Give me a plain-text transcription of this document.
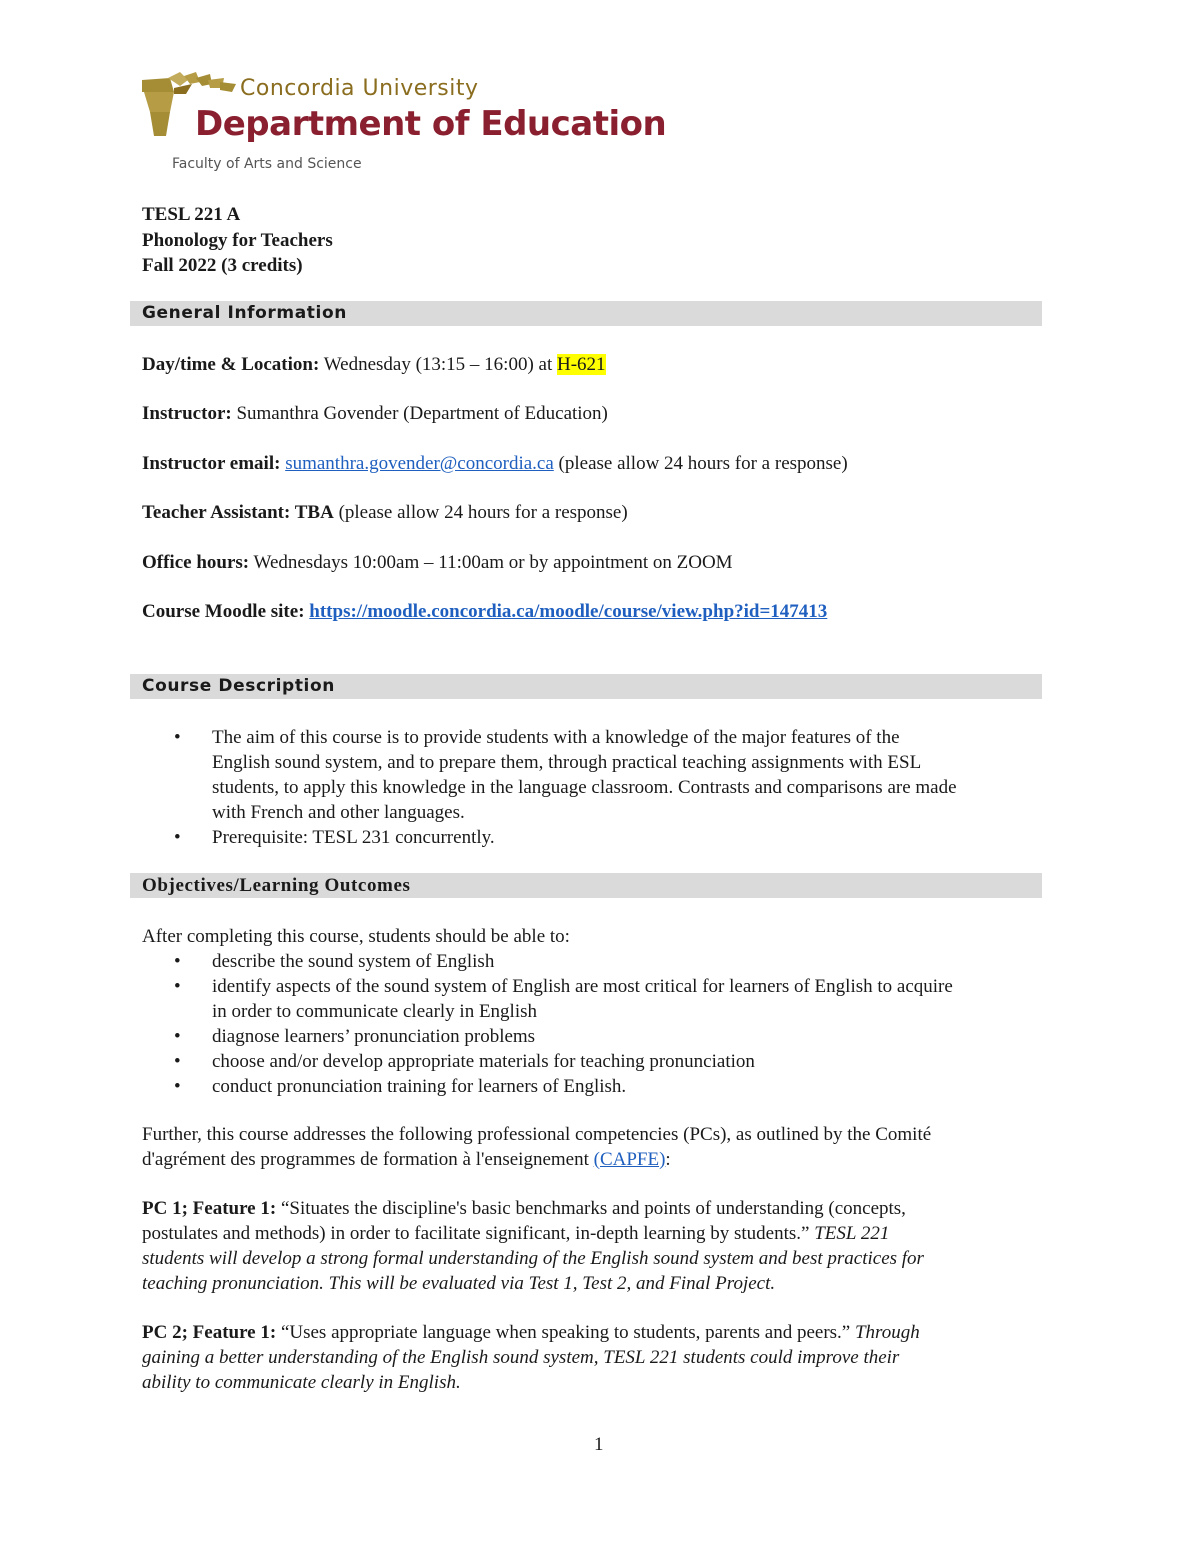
Concordia University
Department of Education
Faculty of Arts and Science
TESL 221 A
Phonology for Teachers
Fall 2022 (3 credits)
General Information
Day/time & Location: Wednesday (13:15 – 16:00) at H-621
Instructor: Sumanthra Govender (Department of Education)
Instructor email: sumanthra.govender@concordia.ca (please allow 24 hours for a response)
Teacher Assistant: TBA (please allow 24 hours for a response)
Office hours: Wednesdays 10:00am – 11:00am or by appointment on ZOOM
Course Moodle site: https://moodle.concordia.ca/moodle/course/view.php?id=147413
Course Description
• The aim of this course is to provide students with a knowledge of the major features of the
English sound system, and to prepare them, through practical teaching assignments with ESL
students, to apply this knowledge in the language classroom. Contrasts and comparisons are made
with French and other languages.
• Prerequisite: TESL 231 concurrently.
Objectives/Learning Outcomes
After completing this course, students should be able to:
• describe the sound system of English
• identify aspects of the sound system of English are most critical for learners of English to acquire
in order to communicate clearly in English
• diagnose learners’ pronunciation problems
• choose and/or develop appropriate materials for teaching pronunciation
• conduct pronunciation training for learners of English.
Further, this course addresses the following professional competencies (PCs), as outlined by the Comité
d'agrément des programmes de formation à l'enseignement (CAPFE):
PC 1; Feature 1: “Situates the discipline's basic benchmarks and points of understanding (concepts,
postulates and methods) in order to facilitate significant, in-depth learning by students.” TESL 221
students will develop a strong formal understanding of the English sound system and best practices for
teaching pronunciation. This will be evaluated via Test 1, Test 2, and Final Project.
PC 2; Feature 1: “Uses appropriate language when speaking to students, parents and peers.” Through
gaining a better understanding of the English sound system, TESL 221 students could improve their
ability to communicate clearly in English.
1
